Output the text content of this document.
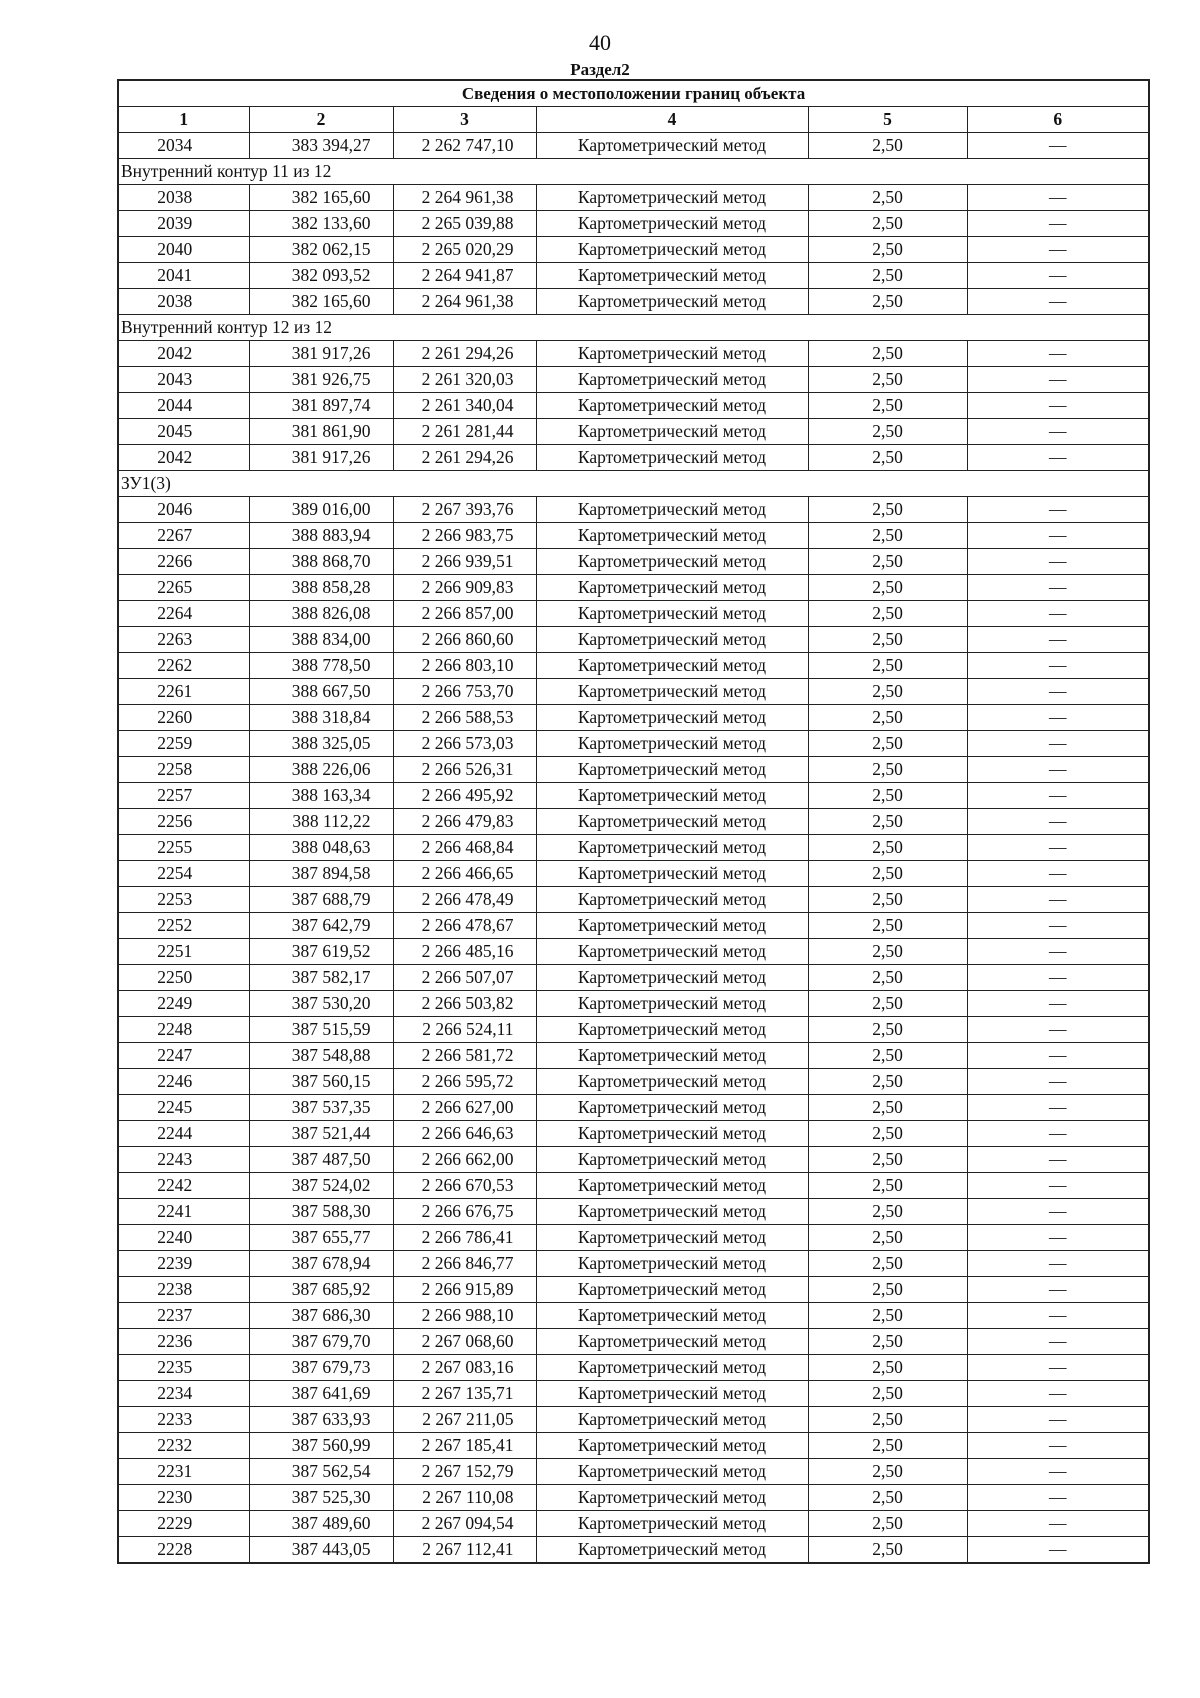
40
Раздел2
Сведения о местоположении границ объекта					
1	2	3	4	5	6
2034	383 394,27	2 262 747,10	Картометрический метод	2,50	—
Внутренний контур 11 из 12					
2038	382 165,60	2 264 961,38	Картометрический метод	2,50	—
2039	382 133,60	2 265 039,88	Картометрический метод	2,50	—
2040	382 062,15	2 265 020,29	Картометрический метод	2,50	—
2041	382 093,52	2 264 941,87	Картометрический метод	2,50	—
2038	382 165,60	2 264 961,38	Картометрический метод	2,50	—
Внутренний контур 12 из 12					
2042	381 917,26	2 261 294,26	Картометрический метод	2,50	—
2043	381 926,75	2 261 320,03	Картометрический метод	2,50	—
2044	381 897,74	2 261 340,04	Картометрический метод	2,50	—
2045	381 861,90	2 261 281,44	Картометрический метод	2,50	—
2042	381 917,26	2 261 294,26	Картометрический метод	2,50	—
ЗУ1(3)					
2046	389 016,00	2 267 393,76	Картометрический метод	2,50	—
2267	388 883,94	2 266 983,75	Картометрический метод	2,50	—
2266	388 868,70	2 266 939,51	Картометрический метод	2,50	—
2265	388 858,28	2 266 909,83	Картометрический метод	2,50	—
2264	388 826,08	2 266 857,00	Картометрический метод	2,50	—
2263	388 834,00	2 266 860,60	Картометрический метод	2,50	—
2262	388 778,50	2 266 803,10	Картометрический метод	2,50	—
2261	388 667,50	2 266 753,70	Картометрический метод	2,50	—
2260	388 318,84	2 266 588,53	Картометрический метод	2,50	—
2259	388 325,05	2 266 573,03	Картометрический метод	2,50	—
2258	388 226,06	2 266 526,31	Картометрический метод	2,50	—
2257	388 163,34	2 266 495,92	Картометрический метод	2,50	—
2256	388 112,22	2 266 479,83	Картометрический метод	2,50	—
2255	388 048,63	2 266 468,84	Картометрический метод	2,50	—
2254	387 894,58	2 266 466,65	Картометрический метод	2,50	—
2253	387 688,79	2 266 478,49	Картометрический метод	2,50	—
2252	387 642,79	2 266 478,67	Картометрический метод	2,50	—
2251	387 619,52	2 266 485,16	Картометрический метод	2,50	—
2250	387 582,17	2 266 507,07	Картометрический метод	2,50	—
2249	387 530,20	2 266 503,82	Картометрический метод	2,50	—
2248	387 515,59	2 266 524,11	Картометрический метод	2,50	—
2247	387 548,88	2 266 581,72	Картометрический метод	2,50	—
2246	387 560,15	2 266 595,72	Картометрический метод	2,50	—
2245	387 537,35	2 266 627,00	Картометрический метод	2,50	—
2244	387 521,44	2 266 646,63	Картометрический метод	2,50	—
2243	387 487,50	2 266 662,00	Картометрический метод	2,50	—
2242	387 524,02	2 266 670,53	Картометрический метод	2,50	—
2241	387 588,30	2 266 676,75	Картометрический метод	2,50	—
2240	387 655,77	2 266 786,41	Картометрический метод	2,50	—
2239	387 678,94	2 266 846,77	Картометрический метод	2,50	—
2238	387 685,92	2 266 915,89	Картометрический метод	2,50	—
2237	387 686,30	2 266 988,10	Картометрический метод	2,50	—
2236	387 679,70	2 267 068,60	Картометрический метод	2,50	—
2235	387 679,73	2 267 083,16	Картометрический метод	2,50	—
2234	387 641,69	2 267 135,71	Картометрический метод	2,50	—
2233	387 633,93	2 267 211,05	Картометрический метод	2,50	—
2232	387 560,99	2 267 185,41	Картометрический метод	2,50	—
2231	387 562,54	2 267 152,79	Картометрический метод	2,50	—
2230	387 525,30	2 267 110,08	Картометрический метод	2,50	—
2229	387 489,60	2 267 094,54	Картометрический метод	2,50	—
2228	387 443,05	2 267 112,41	Картометрический метод	2,50	—
